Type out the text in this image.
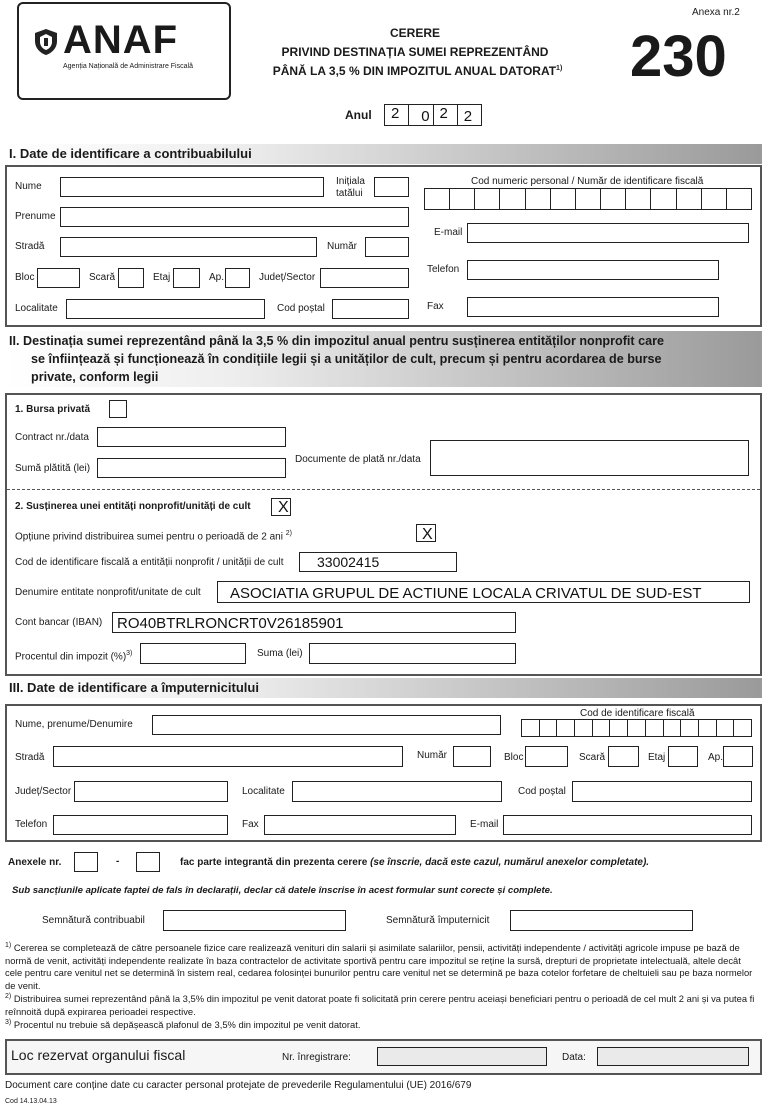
ANAF
Agenția Națională de Administrare Fiscală
CERERE
PRIVIND DESTINAȚIA SUMEI REPREZENTÂND
PÂNĂ LA 3,5 % DIN IMPOZITUL ANUAL DATORAT$^{1)}$
Anexa nr.2
230
Anul 2 0 2 2
I. Date de identificare a contribuabilului
Nume	Inițiala
tatălui
Prenume
Stradă	Număr
Bloc	Scară	Etaj	Ap.	Județ/Sector
Localitate	Cod poștal
Cod numeric personal / Număr de identificare fiscală
E-mail
Telefon
Fax
II. Destinația sumei reprezentând până la 3,5 % din impozitul anual pentru susținerea entităților nonprofit care
se înființează și funcționează în condițiile legii și a unităților de cult, precum și pentru acordarea de burse
private, conform legii
1. Bursa privată
Contract nr./data
Sumă plătită (lei)
Documente de plată nr./data
2. Susținerea unei entități nonprofit/unități de cult X
Opțiune privind distribuirea sumei pentru o perioadă de 2 ani $^{2)}$	X
Cod de identificare fiscală a entității nonprofit / unității de cult 33002415
Denumire entitate nonprofit/unitate de cult ASOCIATIA GRUPUL DE ACTIUNE LOCALA CRIVATUL DE SUD-EST
Cont bancar (IBAN) RO40BTRLRONCRT0V26185901
Procentul din impozit (%)$^{3)}$	Suma (lei)
III. Date de identificare a împuternicitului
Nume, prenume/Denumire
Cod de identificare fiscală
Stradă	Număr	Bloc	Scară	Etaj	Ap.
Județ/Sector	Localitate	Cod poștal
Telefon	Fax	E-mail
Anexele nr.	-	fac parte integrantă din prezenta cerere (se înscrie, dacă este cazul, numărul anexelor completate).
Sub sancțiunile aplicate faptei de fals în declarații, declar că datele înscrise în acest formular sunt corecte și complete.
Semnătură contribuabil	Semnătură împuternicit
$^{1)}$ Cererea se completează de către persoanele fizice care realizează venituri din salarii și asimilate salariilor, pensii, activități independente / activități agricole impuse pe bază de normă de venit, activități independente realizate în baza contractelor de activitate sportivă pentru care impozitul se reține la sursă, drepturi de proprietate intelectuală, altele decât cele pentru care venitul net se determină în sistem real, cedarea folosinței bunurilor pentru care venitul net se determină pe baza cotelor forfetare de cheltuieli sau pe baza normelor de venit.
$^{2)}$ Distribuirea sumei reprezentând până la 3,5% din impozitul pe venit datorat poate fi solicitată prin cerere pentru aceiași beneficiari pentru o perioadă de cel mult 2 ani și va putea fi reînnoită după expirarea perioadei respective.
$^{3)}$ Procentul nu trebuie să depășească plafonul de 3,5% din impozitul pe venit datorat.
Loc rezervat organului fiscal	Nr. înregistrare:	Data:
Document care conține date cu caracter personal protejate de prevederile Regulamentului (UE) 2016/679
Cod 14.13.04.13
